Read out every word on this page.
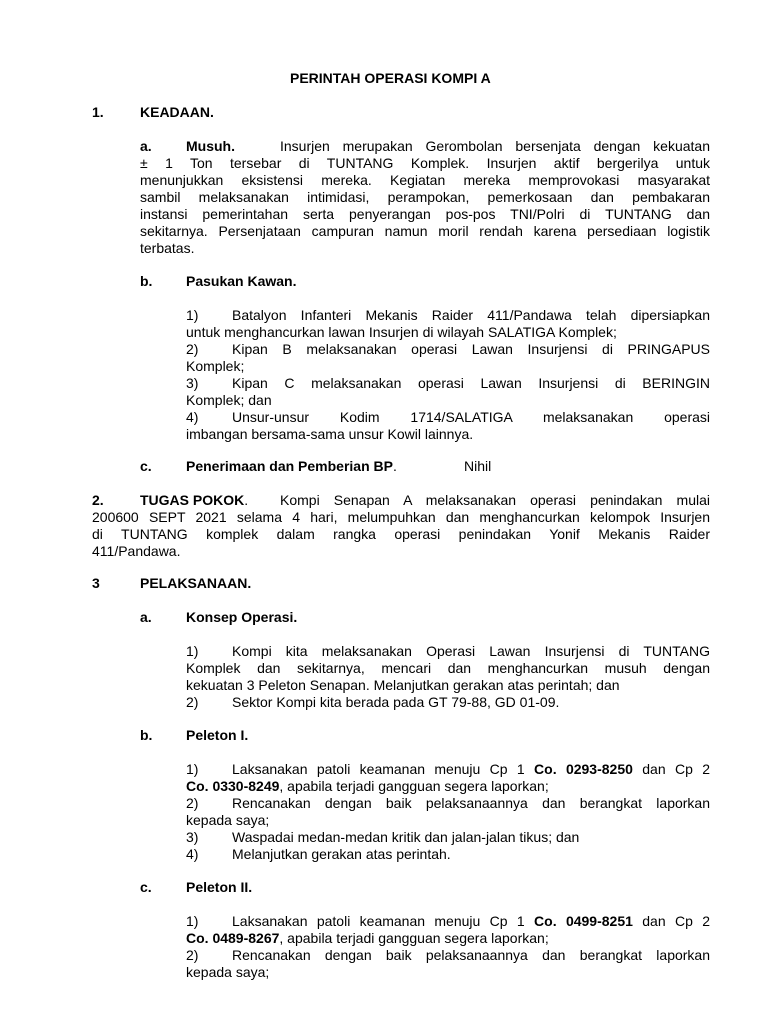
PERINTAH OPERASI KOMPI A
1.	KEADAAN.
a. Musuh.	Insurjen merupakan Gerombolan bersenjata dengan kekuatan
± 1 Ton tersebar di TUNTANG Komplek. Insurjen aktif bergerilya untuk
menunjukkan eksistensi mereka. Kegiatan mereka memprovokasi masyarakat
sambil melaksanakan intimidasi, perampokan, pemerkosaan dan pembakaran
instansi pemerintahan serta penyerangan pos-pos TNI/Polri di TUNTANG dan
sekitarnya. Persenjataan campuran namun moril rendah karena persediaan logistik
terbatas.
b. Pasukan Kawan.
1) Batalyon Infanteri Mekanis Raider 411/Pandawa telah dipersiapkan
untuk menghancurkan lawan Insurjen di wilayah SALATIGA Komplek;
2) Kipan B melaksanakan operasi Lawan Insurjensi di PRINGAPUS
Komplek;
3) Kipan C melaksanakan operasi Lawan Insurjensi di BERINGIN
Komplek; dan
4) Unsur-unsur Kodim 1714/SALATIGA melaksanakan operasi
imbangan bersama-sama unsur Kowil lainnya.
c. Penerimaan dan Pemberian BP.	Nihil
2.	TUGAS POKOK. Kompi Senapan A melaksanakan operasi penindakan mulai
200600 SEPT 2021 selama 4 hari, melumpuhkan dan menghancurkan kelompok Insurjen
di TUNTANG komplek dalam rangka operasi penindakan Yonif Mekanis Raider
411/Pandawa.
3	PELAKSANAAN.
a. Konsep Operasi.
1) Kompi kita melaksanakan Operasi Lawan Insurjensi di TUNTANG
Komplek dan sekitarnya, mencari dan menghancurkan musuh dengan
kekuatan 3 Peleton Senapan. Melanjutkan gerakan atas perintah; dan
2) Sektor Kompi kita berada pada GT 79-88, GD 01-09.
b. Peleton I.
1) Laksanakan patoli keamanan menuju Cp 1 Co. 0293-8250 dan Cp 2
Co. 0330-8249, apabila terjadi gangguan segera laporkan;
2) Rencanakan dengan baik pelaksanaannya dan berangkat laporkan
kepada saya;
3) Waspadai medan-medan kritik dan jalan-jalan tikus; dan
4) Melanjutkan gerakan atas perintah.
c. Peleton II.
1) Laksanakan patoli keamanan menuju Cp 1 Co. 0499-8251 dan Cp 2
Co. 0489-8267, apabila terjadi gangguan segera laporkan;
2) Rencanakan dengan baik pelaksanaannya dan berangkat laporkan
kepada saya;
